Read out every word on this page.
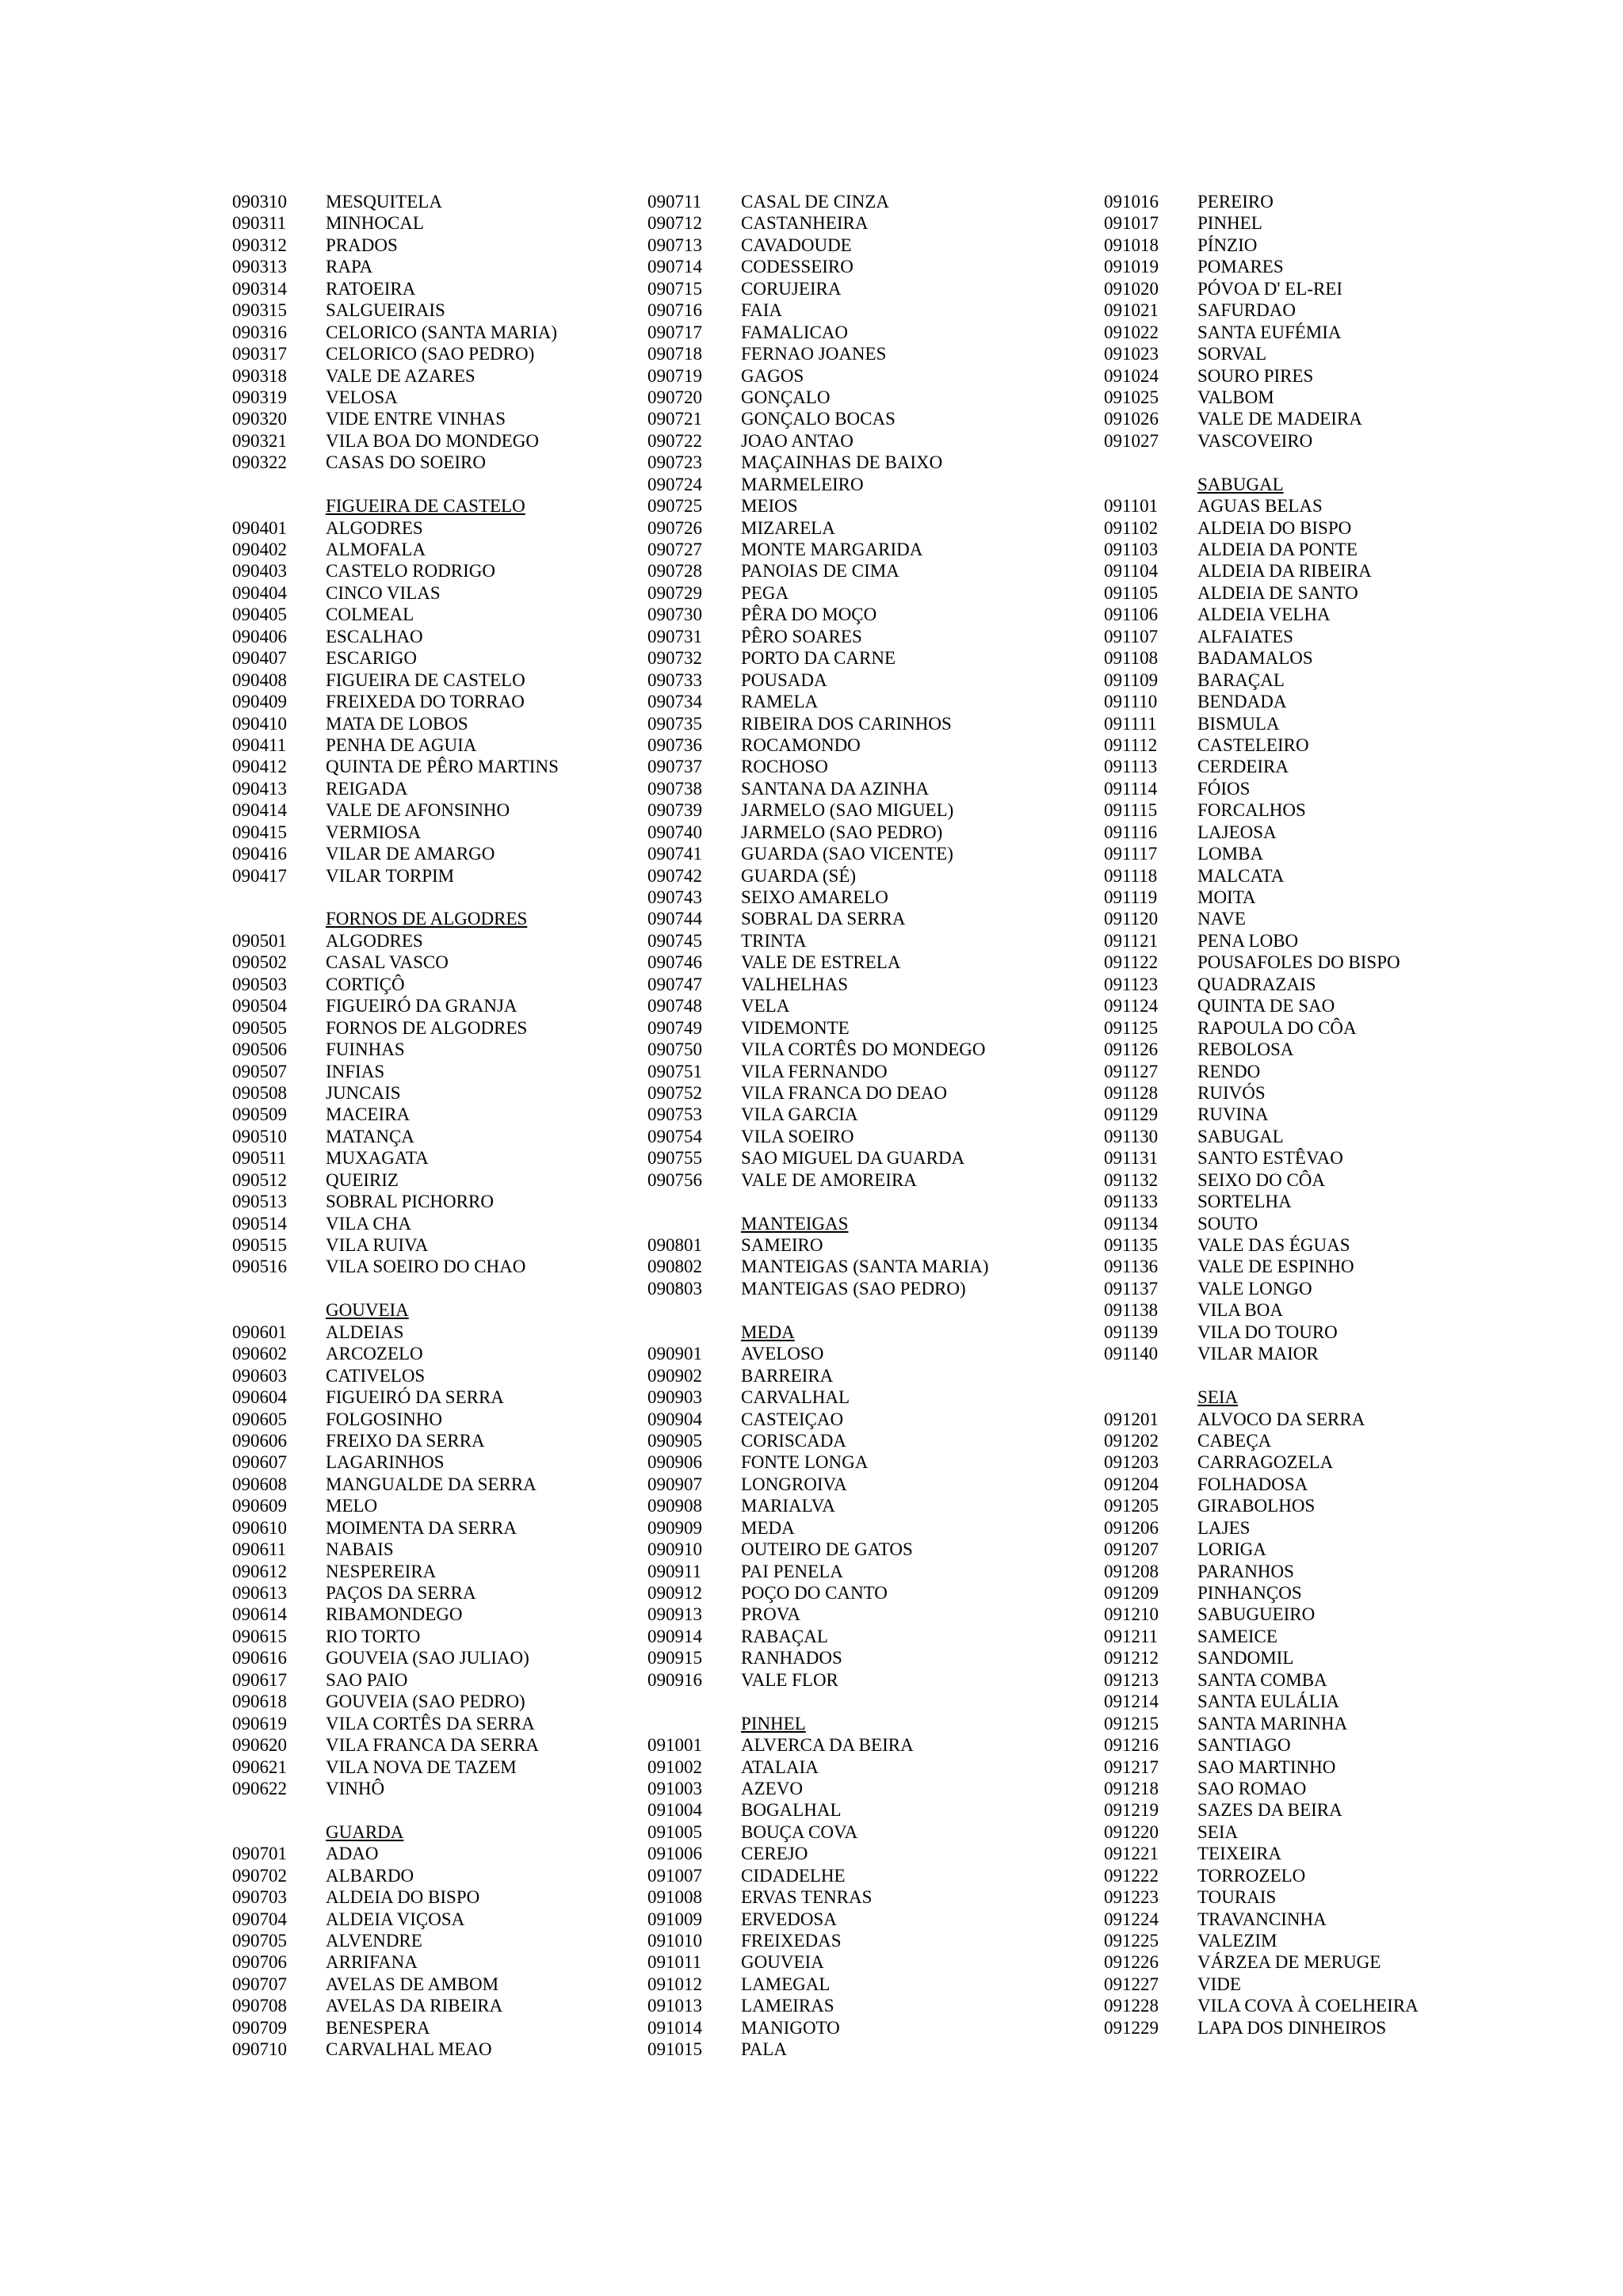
090310 MESQUITELA
090311 MINHOCAL
090312 PRADOS
090313 RAPA
090314 RATOEIRA
090315 SALGUEIRAIS
090316 CELORICO (SANTA MARIA)
090317 CELORICO (SAO PEDRO)
090318 VALE DE AZARES
090319 VELOSA
090320 VIDE ENTRE VINHAS
090321 VILA BOA DO MONDEGO
090322 CASAS DO SOEIRO
FIGUEIRA DE CASTELO
090401 ALGODRES
090402 ALMOFALA
090403 CASTELO RODRIGO
090404 CINCO VILAS
090405 COLMEAL
090406 ESCALHAO
090407 ESCARIGO
090408 FIGUEIRA DE CASTELO
090409 FREIXEDA DO TORRAO
090410 MATA DE LOBOS
090411 PENHA DE AGUIA
090412 QUINTA DE PÊRO MARTINS
090413 REIGADA
090414 VALE DE AFONSINHO
090415 VERMIOSA
090416 VILAR DE AMARGO
090417 VILAR TORPIM
FORNOS DE ALGODRES
090501 ALGODRES
090502 CASAL VASCO
090503 CORTIÇÔ
090504 FIGUEIRÓ DA GRANJA
090505 FORNOS DE ALGODRES
090506 FUINHAS
090507 INFIAS
090508 JUNCAIS
090509 MACEIRA
090510 MATANÇA
090511 MUXAGATA
090512 QUEIRIZ
090513 SOBRAL PICHORRO
090514 VILA CHA
090515 VILA RUIVA
090516 VILA SOEIRO DO CHAO
GOUVEIA
090601 ALDEIAS
090602 ARCOZELO
090603 CATIVELOS
090604 FIGUEIRÓ DA SERRA
090605 FOLGOSINHO
090606 FREIXO DA SERRA
090607 LAGARINHOS
090608 MANGUALDE DA SERRA
090609 MELO
090610 MOIMENTA DA SERRA
090611 NABAIS
090612 NESPEREIRA
090613 PAÇOS DA SERRA
090614 RIBAMONDEGO
090615 RIO TORTO
090616 GOUVEIA (SAO JULIAO)
090617 SAO PAIO
090618 GOUVEIA (SAO PEDRO)
090619 VILA CORTÊS DA SERRA
090620 VILA FRANCA DA SERRA
090621 VILA NOVA DE TAZEM
090622 VINHÔ
GUARDA
090701 ADAO
090702 ALBARDO
090703 ALDEIA DO BISPO
090704 ALDEIA VIÇOSA
090705 ALVENDRE
090706 ARRIFANA
090707 AVELAS DE AMBOM
090708 AVELAS DA RIBEIRA
090709 BENESPERA
090710 CARVALHAL MEAO
090711 CASAL DE CINZA
090712 CASTANHEIRA
090713 CAVADOUDE
090714 CODESSEIRO
090715 CORUJEIRA
090716 FAIA
090717 FAMALICAO
090718 FERNAO JOANES
090719 GAGOS
090720 GONÇALO
090721 GONÇALO BOCAS
090722 JOAO ANTAO
090723 MAÇAINHAS DE BAIXO
090724 MARMELEIRO
090725 MEIOS
090726 MIZARELA
090727 MONTE MARGARIDA
090728 PANOIAS DE CIMA
090729 PEGA
090730 PÊRA DO MOÇO
090731 PÊRO SOARES
090732 PORTO DA CARNE
090733 POUSADA
090734 RAMELA
090735 RIBEIRA DOS CARINHOS
090736 ROCAMONDO
090737 ROCHOSO
090738 SANTANA DA AZINHA
090739 JARMELO (SAO MIGUEL)
090740 JARMELO (SAO PEDRO)
090741 GUARDA (SAO VICENTE)
090742 GUARDA (SÉ)
090743 SEIXO AMARELO
090744 SOBRAL DA SERRA
090745 TRINTA
090746 VALE DE ESTRELA
090747 VALHELHAS
090748 VELA
090749 VIDEMONTE
090750 VILA CORTÊS DO MONDEGO
090751 VILA FERNANDO
090752 VILA FRANCA DO DEAO
090753 VILA GARCIA
090754 VILA SOEIRO
090755 SAO MIGUEL DA GUARDA
090756 VALE DE AMOREIRA
MANTEIGAS
090801 SAMEIRO
090802 MANTEIGAS (SANTA MARIA)
090803 MANTEIGAS (SAO PEDRO)
MEDA
090901 AVELOSO
090902 BARREIRA
090903 CARVALHAL
090904 CASTEIÇAO
090905 CORISCADA
090906 FONTE LONGA
090907 LONGROIVA
090908 MARIALVA
090909 MEDA
090910 OUTEIRO DE GATOS
090911 PAI PENELA
090912 POÇO DO CANTO
090913 PROVA
090914 RABAÇAL
090915 RANHADOS
090916 VALE FLOR
PINHEL
091001 ALVERCA DA BEIRA
091002 ATALAIA
091003 AZEVO
091004 BOGALHAL
091005 BOUÇA COVA
091006 CEREJO
091007 CIDADELHE
091008 ERVAS TENRAS
091009 ERVEDOSA
091010 FREIXEDAS
091011 GOUVEIA
091012 LAMEGAL
091013 LAMEIRAS
091014 MANIGOTO
091015 PALA
091016 PEREIRO
091017 PINHEL
091018 PÍNZIO
091019 POMARES
091020 PÓVOA D' EL-REI
091021 SAFURDAO
091022 SANTA EUFÉMIA
091023 SORVAL
091024 SOURO PIRES
091025 VALBOM
091026 VALE DE MADEIRA
091027 VASCOVEIRO
SABUGAL
091101 AGUAS BELAS
091102 ALDEIA DO BISPO
091103 ALDEIA DA PONTE
091104 ALDEIA DA RIBEIRA
091105 ALDEIA DE SANTO
091106 ALDEIA VELHA
091107 ALFAIATES
091108 BADAMALOS
091109 BARAÇAL
091110 BENDADA
091111 BISMULA
091112 CASTELEIRO
091113 CERDEIRA
091114 FÓIOS
091115 FORCALHOS
091116 LAJEOSA
091117 LOMBA
091118 MALCATA
091119 MOITA
091120 NAVE
091121 PENA LOBO
091122 POUSAFOLES DO BISPO
091123 QUADRAZAIS
091124 QUINTA DE SAO
091125 RAPOULA DO CÔA
091126 REBOLOSA
091127 RENDO
091128 RUIVÓS
091129 RUVINA
091130 SABUGAL
091131 SANTO ESTÊVAO
091132 SEIXO DO CÔA
091133 SORTELHA
091134 SOUTO
091135 VALE DAS ÉGUAS
091136 VALE DE ESPINHO
091137 VALE LONGO
091138 VILA BOA
091139 VILA DO TOURO
091140 VILAR MAIOR
SEIA
091201 ALVOCO DA SERRA
091202 CABEÇA
091203 CARRAGOZELA
091204 FOLHADOSA
091205 GIRABOLHOS
091206 LAJES
091207 LORIGA
091208 PARANHOS
091209 PINHANÇOS
091210 SABUGUEIRO
091211 SAMEICE
091212 SANDOMIL
091213 SANTA COMBA
091214 SANTA EULÁLIA
091215 SANTA MARINHA
091216 SANTIAGO
091217 SAO MARTINHO
091218 SAO ROMAO
091219 SAZES DA BEIRA
091220 SEIA
091221 TEIXEIRA
091222 TORROZELO
091223 TOURAIS
091224 TRAVANCINHA
091225 VALEZIM
091226 VÁRZEA DE MERUGE
091227 VIDE
091228 VILA COVA À COELHEIRA
091229 LAPA DOS DINHEIROS
